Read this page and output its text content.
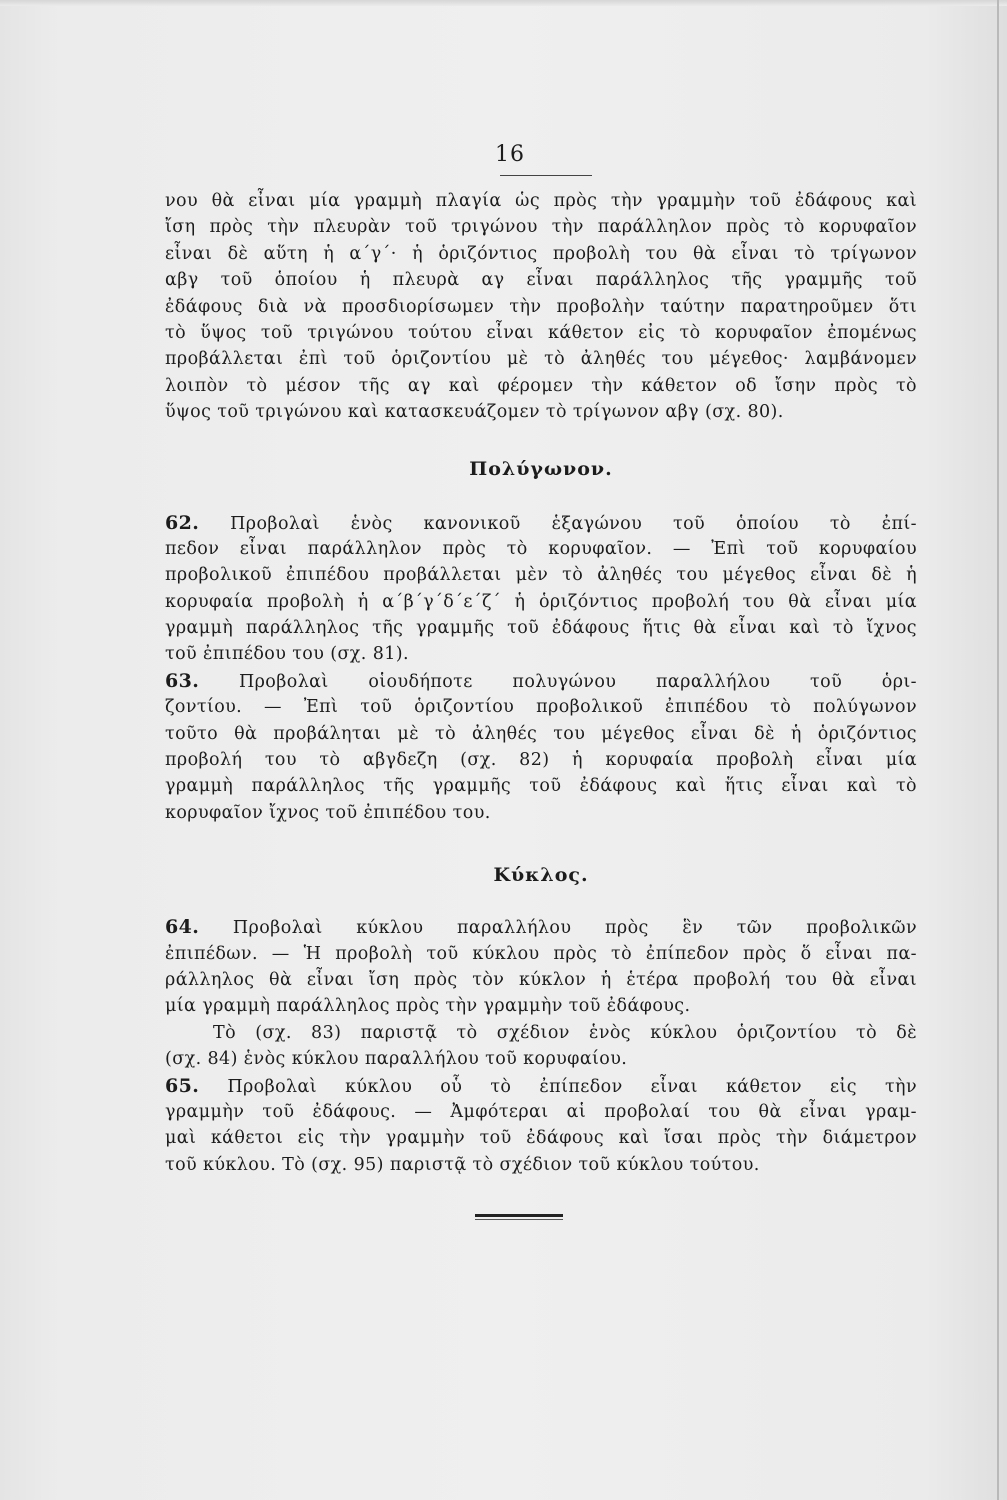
16
νου θὰ εἶναι μία γραμμὴ πλαγία ὡς πρὸς τὴν γραμμὴν τοῦ ἐδάφους καὶ
ἴση πρὸς τὴν πλευρὰν τοῦ τριγώνου τὴν παράλληλον πρὸς τὸ κορυφαῖον
εἶναι δὲ αὕτη ἡ α΄γ΄· ἡ ὁριζόντιος προβολὴ του θὰ εἶναι τὸ τρίγωνον
αβγ τοῦ ὁποίου ἡ πλευρὰ αγ εἶναι παράλληλος τῆς γραμμῆς τοῦ
ἐδάφους διὰ νὰ προσδιορίσωμεν τὴν προβολὴν ταύτην παρατηροῦμεν ὅτι
τὸ ὕψος τοῦ τριγώνου τούτου εἶναι κάθετον εἰς τὸ κορυφαῖον ἐπομένως
προβάλλεται ἐπὶ τοῦ ὁριζοντίου μὲ τὸ ἀληθές του μέγεθος· λαμβάνομεν
λοιπὸν τὸ μέσον τῆς αγ καὶ φέρομεν τὴν κάθετον οδ ἴσην πρὸς τὸ
ὕψος τοῦ τριγώνου καὶ κατασκευάζομεν τὸ τρίγωνον αβγ (σχ. 80).
Πολύγωνον.
62. Προβολαὶ ἑνὸς κανονικοῦ ἑξαγώνου τοῦ ὁποίου τὸ ἐπί-
πεδον εἶναι παράλληλον πρὸς τὸ κορυφαῖον. — Ἐπὶ τοῦ κορυφαίου
προβολικοῦ ἐπιπέδου προβάλλεται μὲν τὸ ἀληθές του μέγεθος εἶναι δὲ ἡ
κορυφαία προβολὴ ἡ α΄β΄γ΄δ΄ε΄ζ΄ ἡ ὁριζόντιος προβολή του θὰ εἶναι μία
γραμμὴ παράλληλος τῆς γραμμῆς τοῦ ἐδάφους ἥτις θὰ εἶναι καὶ τὸ ἴχνος
τοῦ ἐπιπέδου του (σχ. 81).
63. Προβολαὶ οἱουδήποτε πολυγώνου παραλλήλου τοῦ ὁρι-
ζοντίου. — Ἐπὶ τοῦ ὁριζοντίου προβολικοῦ ἐπιπέδου τὸ πολύγωνον
τοῦτο θὰ προβάληται μὲ τὸ ἀληθές του μέγεθος εἶναι δὲ ἡ ὁριζόντιος
προβολή του τὸ αβγδεζη (σχ. 82) ἡ κορυφαία προβολὴ εἶναι μία
γραμμὴ παράλληλος τῆς γραμμῆς τοῦ ἐδάφους καὶ ἥτις εἶναι καὶ τὸ
κορυφαῖον ἴχνος τοῦ ἐπιπέδου του.
Κύκλος.
64. Προβολαὶ κύκλου παραλλήλου πρὸς ἓν τῶν προβολικῶν
ἐπιπέδων. — Ἡ προβολὴ τοῦ κύκλου πρὸς τὸ ἐπίπεδον πρὸς ὅ εἶναι πα-
ράλληλος θὰ εἶναι ἴση πρὸς τὸν κύκλον ἡ ἑτέρα προβολή του θὰ εἶναι
μία γραμμὴ παράλληλος πρὸς τὴν γραμμὴν τοῦ ἐδάφους.
Τὸ (σχ. 83) παριστᾷ τὸ σχέδιον ἑνὸς κύκλου ὁριζοντίου τὸ δὲ
(σχ. 84) ἑνὸς κύκλου παραλλήλου τοῦ κορυφαίου.
65. Προβολαὶ κύκλου οὗ τὸ ἐπίπεδον εἶναι κάθετον εἰς τὴν
γραμμὴν τοῦ ἐδάφους. — Ἀμφότεραι αἱ προβολαί του θὰ εἶναι γραμ-
μαὶ κάθετοι εἰς τὴν γραμμὴν τοῦ ἐδάφους καὶ ἴσαι πρὸς τὴν διάμετρον
τοῦ κύκλου. Τὸ (σχ. 95) παριστᾷ τὸ σχέδιον τοῦ κύκλου τούτου.
